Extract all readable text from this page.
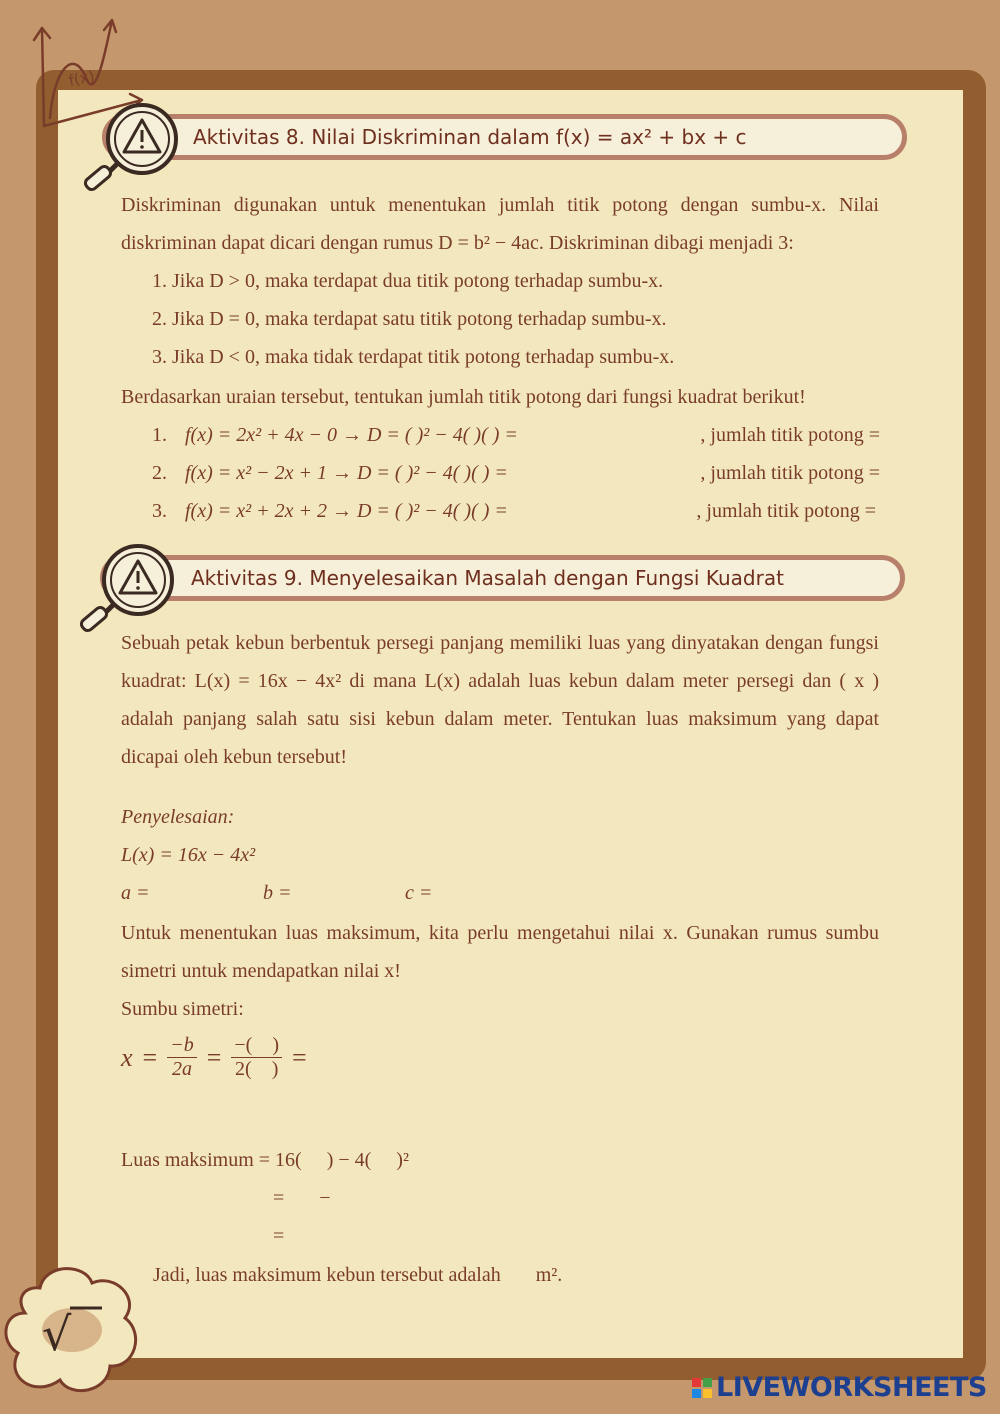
f(x)
Aktivitas 8. Nilai Diskriminan dalam f(x) = ax² + bx + c
Diskriminan digunakan untuk menentukan jumlah titik potong dengan sumbu-x. Nilai diskriminan dapat dicari dengan rumus D = b² − 4ac. Diskriminan dibagi menjadi 3:
1. Jika D > 0, maka terdapat dua titik potong terhadap sumbu-x.
2. Jika D = 0, maka terdapat satu titik potong terhadap sumbu-x.
3. Jika D < 0, maka tidak terdapat titik potong terhadap sumbu-x.
Berdasarkan uraian tersebut, tentukan jumlah titik potong dari fungsi kuadrat berikut!
1. f(x) = 2x² + 4x − 0 → D = ( )² − 4( )( ) =	, jumlah titik potong =
2. f(x) = x² − 2x + 1 → D = ( )² − 4( )( ) =	, jumlah titik potong =
3. f(x) = x² + 2x + 2 → D = ( )² − 4( )( ) =	, jumlah titik potong =
Aktivitas 9. Menyelesaikan Masalah dengan Fungsi Kuadrat
Sebuah petak kebun berbentuk persegi panjang memiliki luas yang dinyatakan dengan fungsi kuadrat: L(x) = 16x − 4x² di mana L(x) adalah luas kebun dalam meter persegi dan ( x ) adalah panjang salah satu sisi kebun dalam meter. Tentukan luas maksimum yang dapat dicapai oleh kebun tersebut!
Penyelesaian:
L(x) = 16x − 4x²
a =	b =	c =
Untuk menentukan luas maksimum, kita perlu mengetahui nilai x. Gunakan rumus sumbu simetri untuk mendapatkan nilai x!
Sumbu simetri:
$x = \frac{-b}{2a}$ = −(    )
2(    ) =
Luas maksimum = 16(     ) − 4(     )²
=       −
=
Jadi, luas maksimum kebun tersebut adalah       m².
√
LIVEWORKSHEETS
